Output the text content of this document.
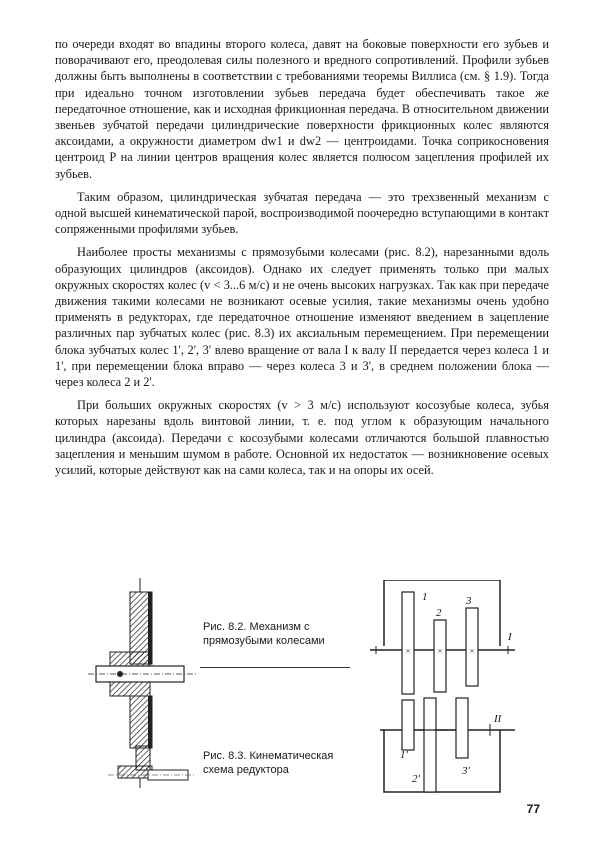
по очереди входят во впадины второго колеса, давят на боковые поверхности его зубьев и поворачивают его, преодолевая силы полезного и вредного сопротивлений. Профили зубьев должны быть выполнены в соответствии с требованиями теоремы Виллиса (см. § 1.9). Тогда при идеально точном изготовлении зубьев передача будет обеспечивать такое же передаточное отношение, как и исходная фрикционная передача. В относительном движении звеньев зубчатой передачи цилиндрические поверхности фрикционных колес являются аксоидами, а окружности диаметром dw1 и dw2 — центроидами. Точка соприкосновения центроид P на линии центров вращения колес является полюсом зацепления профилей их зубьев.

Таким образом, цилиндрическая зубчатая передача — это трехзвенный механизм с одной высшей кинематической парой, воспроизводимой поочередно вступающими в контакт сопряженными профилями зубьев.

Наиболее просты механизмы с прямозубыми колесами (рис. 8.2), нарезанными вдоль образующих цилиндров (аксоидов). Однако их следует применять только при малых окружных скоростях колес (v < 3...6 м/с) и не очень высоких нагрузках. Так как при передаче движения такими колесами не возникают осевые усилия, такие механизмы очень удобно применять в редукторах, где передаточное отношение изменяют введением в зацепление различных пар зубчатых колес (рис. 8.3) их аксиальным перемещением. При перемещении блока зубчатых колес 1', 2', 3' влево вращение от вала I к валу II передается через колеса 1 и 1', при перемещении блока вправо — через колеса 3 и 3', в среднем положении блока — через колеса 2 и 2'.

При больших окружных скоростях (v > 3 м/с) используют косозубые колеса, зубья которых нарезаны вдоль винтовой линии, т. е. под углом к образующим начального цилиндра (аксоида). Передачи с косозубыми колесами отличаются большой плавностью зацепления и меньшим шумом в работе. Основной их недостаток — возникновение осевых усилий, которые действуют как на сами колеса, так и на опоры их осей.

Рис. 8.2. Механизм с прямозубыми колесами
Рис. 8.3. Кинематическая схема редуктора
×	×	×
1
2
3
I
II
1'
2'
3'
77
